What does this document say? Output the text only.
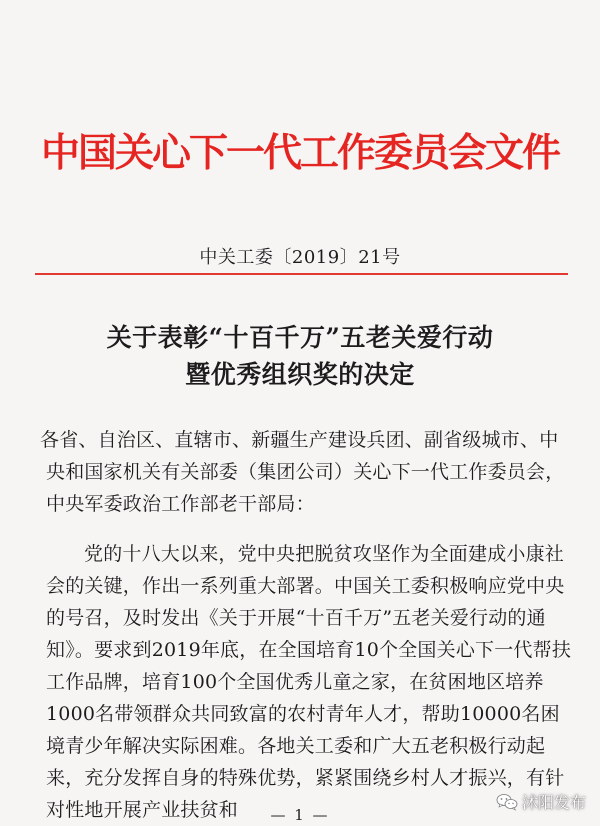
中国关心下一代工作委员会文件
中关工委〔2019〕21号
关于表彰“十百千万”五老关爱行动
暨优秀组织奖的决定
各省、自治区、直辖市、新疆生产建设兵团、副省级城市、中央和国家机关有关部委（集团公司）关心下一代工作委员会，中央军委政治工作部老干部局：
党的十八大以来，党中央把脱贫攻坚作为全面建成小康社会的关键，作出一系列重大部署。中国关工委积极响应党中央的号召，及时发出《关于开展“十百千万”五老关爱行动的通知》。要求到2019年底，在全国培育10个全国关心下一代帮扶工作品牌，培育100个全国优秀儿童之家，在贫困地区培养1000名带领群众共同致富的农村青年人才，帮助10000名困境青少年解决实际困难。各地关工委和广大五老积极行动起来，充分发挥自身的特殊优势，紧紧围绕乡村人才振兴，有针对性地开展产业扶贫和	— 1 —
沭阳发布
